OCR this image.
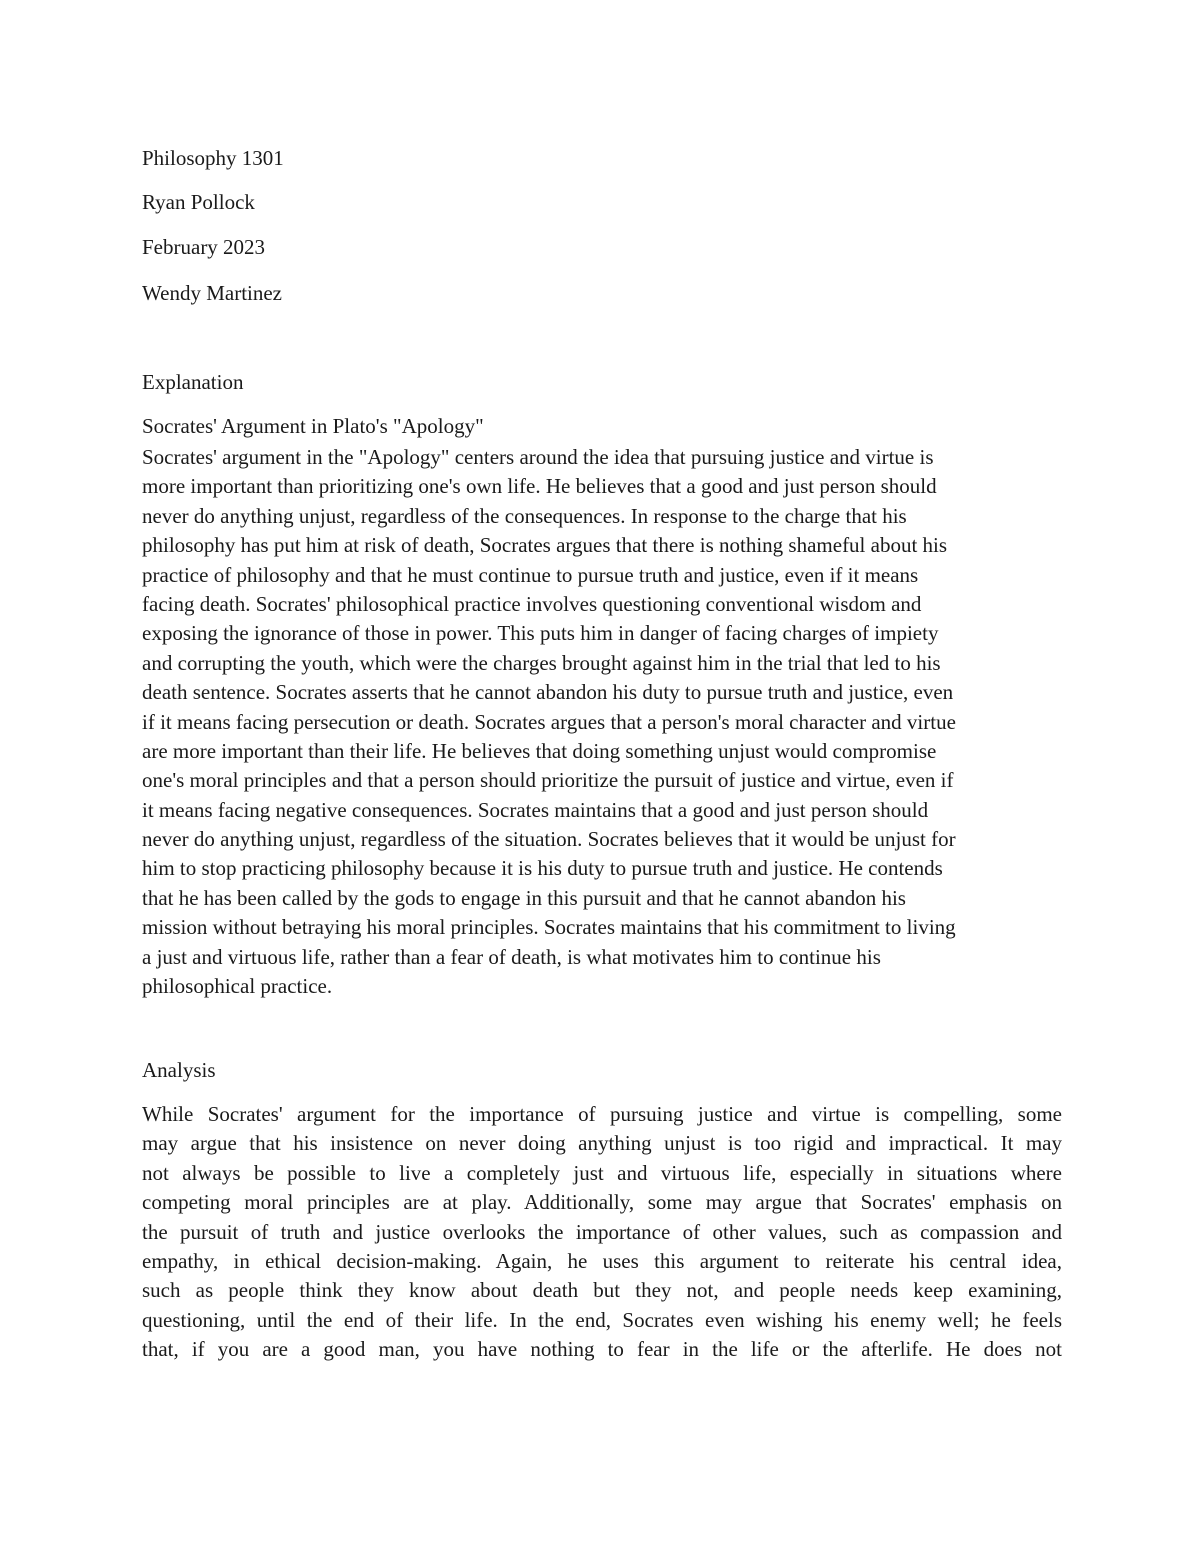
Philosophy 1301
Ryan Pollock
February 2023
Wendy Martinez
Explanation
Socrates' Argument in Plato's "Apology"
Socrates' argument in the "Apology" centers around the idea that pursuing justice and virtue is
more important than prioritizing one's own life. He believes that a good and just person should
never do anything unjust, regardless of the consequences. In response to the charge that his
philosophy has put him at risk of death, Socrates argues that there is nothing shameful about his
practice of philosophy and that he must continue to pursue truth and justice, even if it means
facing death. Socrates' philosophical practice involves questioning conventional wisdom and
exposing the ignorance of those in power. This puts him in danger of facing charges of impiety
and corrupting the youth, which were the charges brought against him in the trial that led to his
death sentence. Socrates asserts that he cannot abandon his duty to pursue truth and justice, even
if it means facing persecution or death. Socrates argues that a person's moral character and virtue
are more important than their life. He believes that doing something unjust would compromise
one's moral principles and that a person should prioritize the pursuit of justice and virtue, even if
it means facing negative consequences. Socrates maintains that a good and just person should
never do anything unjust, regardless of the situation. Socrates believes that it would be unjust for
him to stop practicing philosophy because it is his duty to pursue truth and justice. He contends
that he has been called by the gods to engage in this pursuit and that he cannot abandon his
mission without betraying his moral principles. Socrates maintains that his commitment to living
a just and virtuous life, rather than a fear of death, is what motivates him to continue his
philosophical practice.
Analysis
While Socrates' argument for the importance of pursuing justice and virtue is compelling, some
may argue that his insistence on never doing anything unjust is too rigid and impractical. It may
not always be possible to live a completely just and virtuous life, especially in situations where
competing moral principles are at play. Additionally, some may argue that Socrates' emphasis on
the pursuit of truth and justice overlooks the importance of other values, such as compassion and
empathy, in ethical decision-making. Again, he uses this argument to reiterate his central idea,
such as people think they know about death but they not, and people needs keep examining,
questioning, until the end of their life. In the end, Socrates even wishing his enemy well; he feels
that, if you are a good man, you have nothing to fear in the life or the afterlife. He does not
